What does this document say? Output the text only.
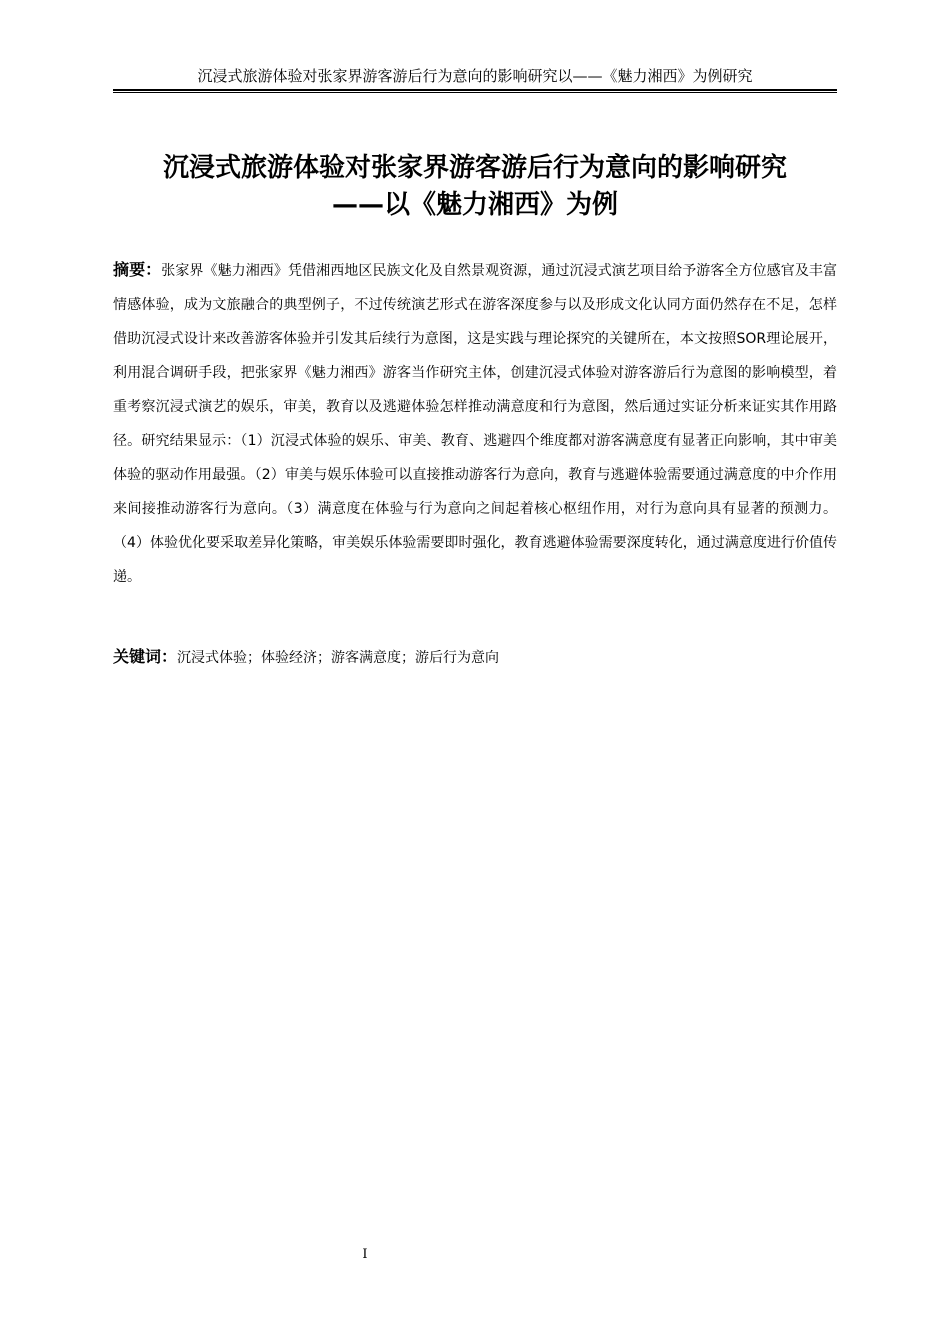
沉浸式旅游体验对张家界游客游后行为意向的影响研究以——《魅力湘西》为例研究
沉浸式旅游体验对张家界游客游后行为意向的影响研究
——以《魅力湘西》为例
摘要：张家界《魅力湘西》凭借湘西地区民族文化及自然景观资源，通过沉浸式演艺项目给予游客全方位感官及丰富情感体验，成为文旅融合的典型例子，不过传统演艺形式在游客深度参与以及形成文化认同方面仍然存在不足，怎样借助沉浸式设计来改善游客体验并引发其后续行为意图，这是实践与理论探究的关键所在，本文按照SOR理论展开，利用混合调研手段，把张家界《魅力湘西》游客当作研究主体，创建沉浸式体验对游客游后行为意图的影响模型，着重考察沉浸式演艺的娱乐，审美，教育以及逃避体验怎样推动满意度和行为意图，然后通过实证分析来证实其作用路径。研究结果显示：（1）沉浸式体验的娱乐、审美、教育、逃避四个维度都对游客满意度有显著正向影响，其中审美体验的驱动作用最强。（2）审美与娱乐体验可以直接推动游客行为意向，教育与逃避体验需要通过满意度的中介作用来间接推动游客行为意向。（3）满意度在体验与行为意向之间起着核心枢纽作用，对行为意向具有显著的预测力。（4）体验优化要采取差异化策略，审美娱乐体验需要即时强化，教育逃避体验需要深度转化，通过满意度进行价值传递。
关键词：沉浸式体验；体验经济；游客满意度；游后行为意向
I
